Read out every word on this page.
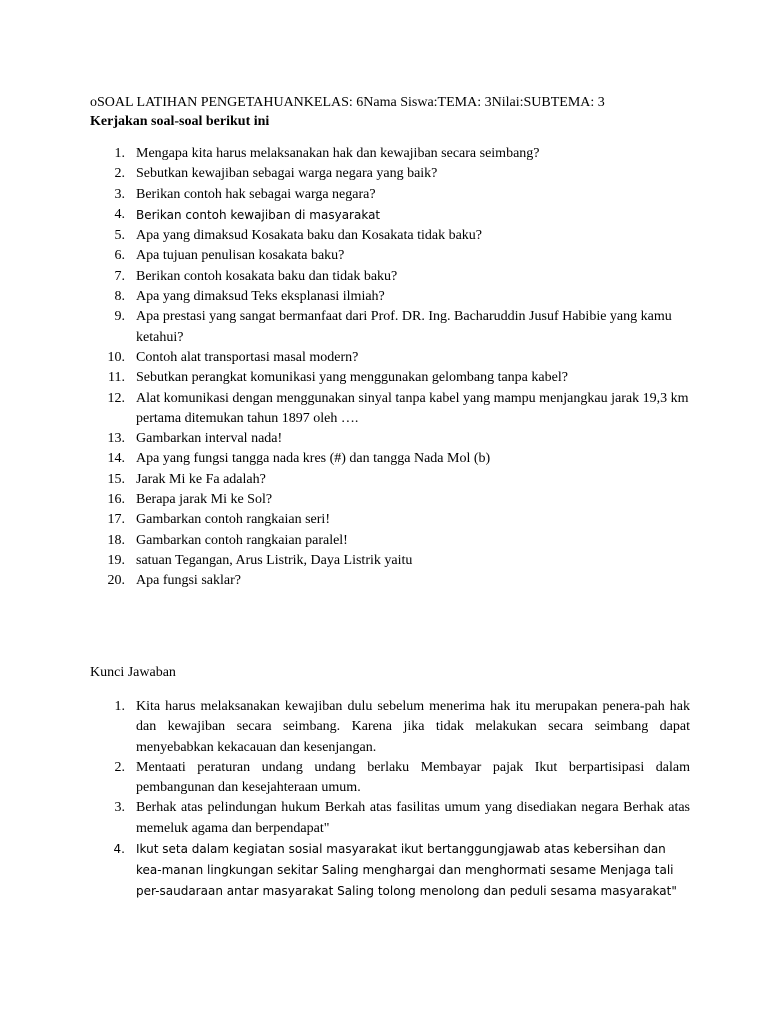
oSOAL LATIHAN PENGETAHUANKELAS: 6Nama Siswa:TEMA: 3Nilai:SUBTEMA: 3
Kerjakan soal-soal berikut ini
1. Mengapa kita harus melaksanakan hak dan kewajiban secara seimbang?
2. Sebutkan kewajiban sebagai warga negara yang baik?
3. Berikan contoh hak sebagai warga negara?
4. Berikan contoh kewajiban di masyarakat
5. Apa yang dimaksud Kosakata baku dan Kosakata tidak baku?
6. Apa tujuan penulisan kosakata baku?
7. Berikan contoh kosakata baku dan tidak baku?
8. Apa yang dimaksud Teks eksplanasi ilmiah?
9. Apa prestasi yang sangat bermanfaat dari Prof. DR. Ing. Bacharuddin Jusuf Habibie yang kamu ketahui?
10. Contoh alat transportasi masal modern?
11. Sebutkan perangkat komunikasi yang menggunakan gelombang tanpa kabel?
12. Alat komunikasi dengan menggunakan sinyal tanpa kabel yang mampu menjangkau jarak 19,3 km pertama ditemukan tahun 1897 oleh ….
13. Gambarkan interval nada!
14. Apa yang fungsi tangga nada kres (#) dan tangga Nada Mol (b)
15. Jarak Mi ke Fa adalah?
16. Berapa jarak Mi ke Sol?
17. Gambarkan contoh rangkaian seri!
18. Gambarkan contoh rangkaian paralel!
19. satuan Tegangan, Arus Listrik, Daya Listrik yaitu
20. Apa fungsi saklar?
Kunci Jawaban
1. Kita harus melaksanakan kewajiban dulu sebelum menerima hak itu merupakan penera-pah hak dan kewajiban secara seimbang. Karena jika tidak melakukan secara seimbang dapat menyebabkan kekacauan dan kesenjangan.
2. Mentaati peraturan undang undang berlaku Membayar pajak Ikut berpartisipasi dalam pembangunan dan kesejahteraan umum.
3. Berhak atas pelindungan hukum Berkah atas fasilitas umum yang disediakan negara Berhak atas memeluk agama dan berpendapat"
4. Ikut seta dalam kegiatan sosial masyarakat ikut bertanggungjawab atas kebersihan dan kea-manan lingkungan sekitar Saling menghargai dan menghormati sesame Menjaga tali per-saudaraan antar masyarakat Saling tolong menolong dan peduli sesama masyarakat"
